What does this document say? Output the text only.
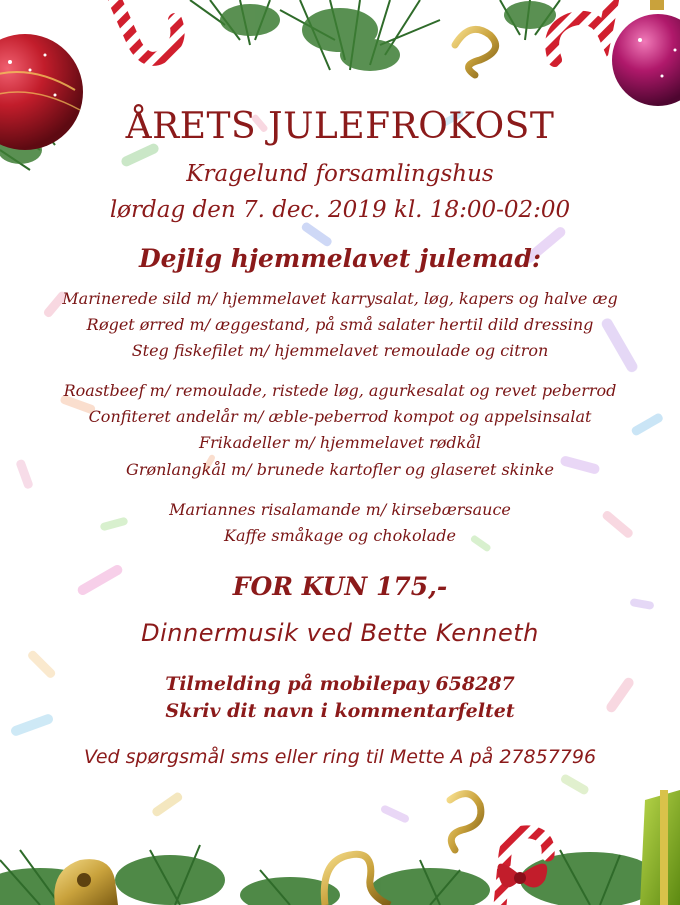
ÅRETS JULEFROKOST
Kragelund forsamlingshus
lørdag den 7. dec. 2019 kl. 18:00-02:00
Dejlig hjemmelavet julemad:
Marinerede sild m/ hjemmelavet karrysalat, løg, kapers og halve æg
Røget ørred m/ æggestand, på små salater hertil dild dressing
Steg fiskefilet m/ hjemmelavet remoulade og citron
Roastbeef m/ remoulade, ristede løg, agurkesalat og revet peberrod
Confiteret andelår m/ æble-peberrod kompot og appelsinsalat
Frikadeller m/ hjemmelavet rødkål
Grønlangkål m/ brunede kartofler og glaseret skinke
Mariannes risalamande m/ kirsebærsauce
Kaffe småkage og chokolade
FOR KUN 175,-
Dinnermusik ved Bette Kenneth
Tilmelding på mobilepay 658287
Skriv dit navn i kommentarfeltet
Ved spørgsmål sms eller ring til Mette A på 27857796
